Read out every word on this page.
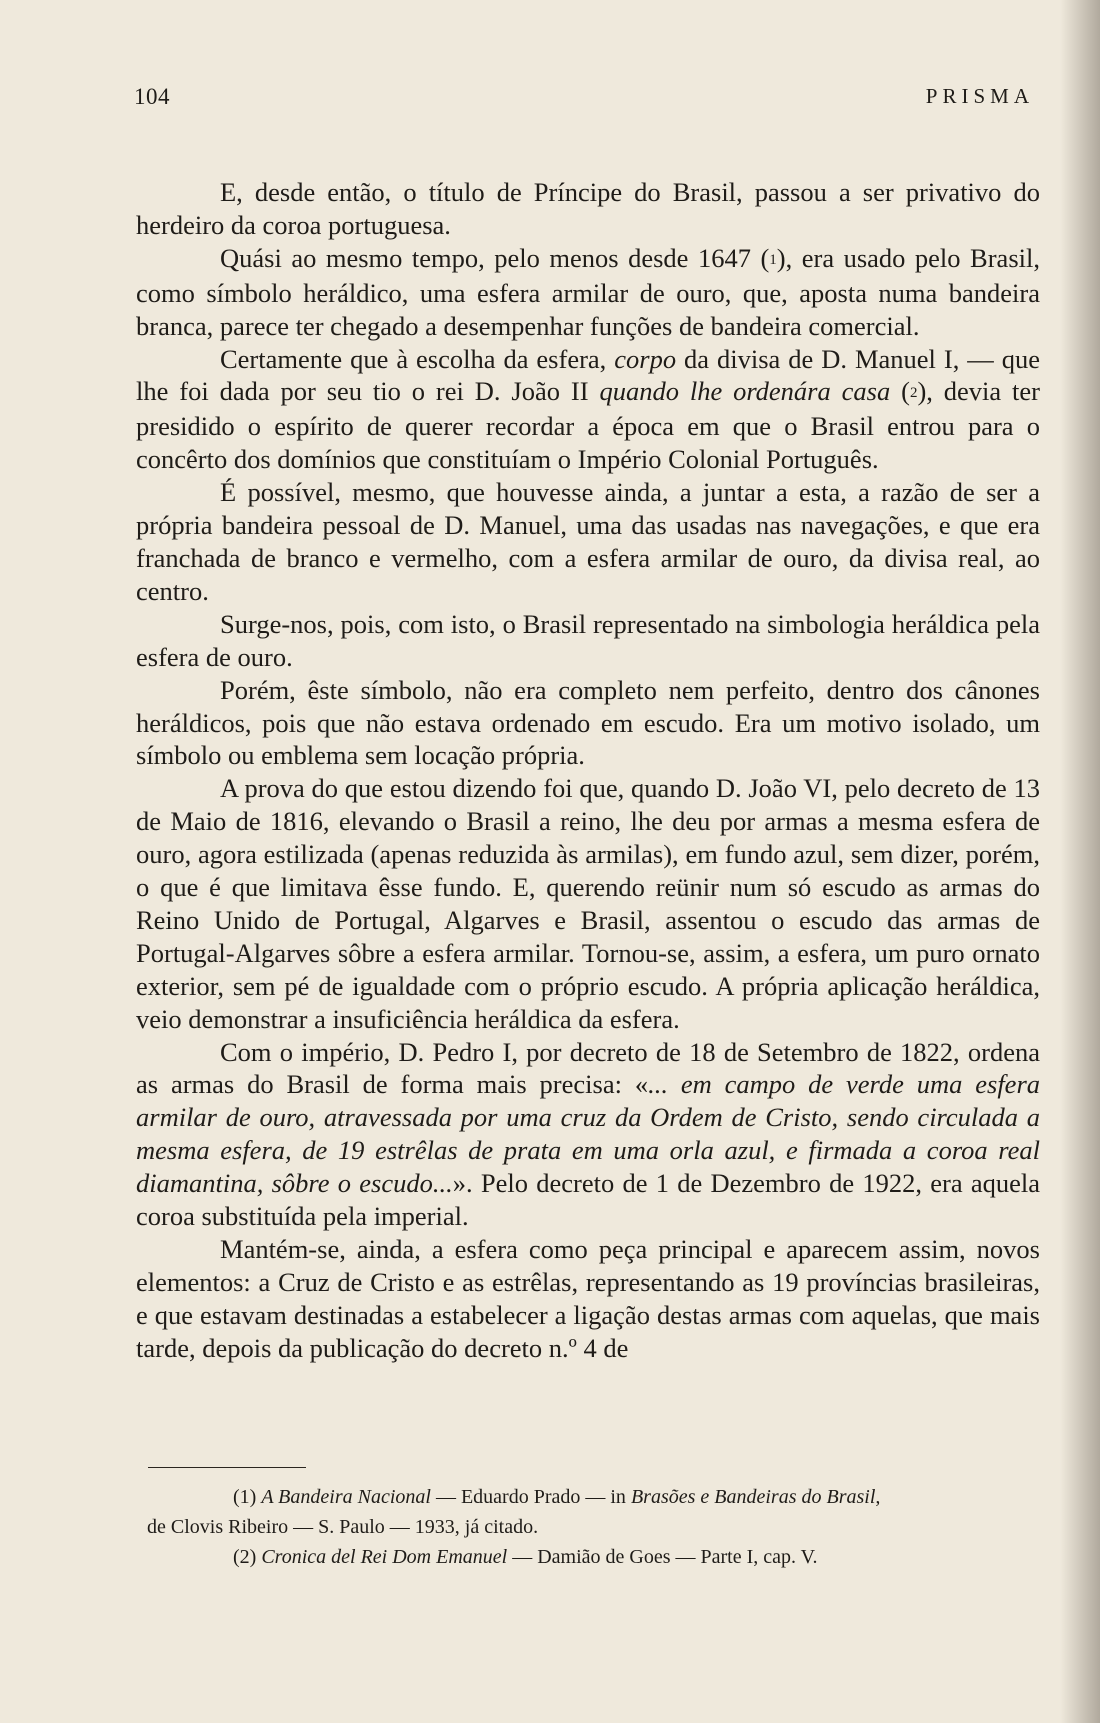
104	PRISMA

E, desde então, o título de Príncipe do Brasil, passou a ser privativo do herdeiro da coroa portuguesa.

Quási ao mesmo tempo, pelo menos desde 1647 ($^1$), era usado pelo Brasil, como símbolo heráldico, uma esfera armilar de ouro, que, aposta numa bandeira branca, parece ter chegado a desempenhar funções de bandeira comercial.

Certamente que à escolha da esfera, corpo da divisa de D. Manuel I, — que lhe foi dada por seu tio o rei D. João II quando lhe ordenára casa ($^2$), devia ter presidido o espírito de querer recordar a época em que o Brasil entrou para o concêrto dos domínios que constituíam o Império Colonial Português.

É possível, mesmo, que houvesse ainda, a juntar a esta, a razão de ser a própria bandeira pessoal de D. Manuel, uma das usadas nas navegações, e que era franchada de branco e vermelho, com a esfera armilar de ouro, da divisa real, ao centro.

Surge-nos, pois, com isto, o Brasil representado na simbologia heráldica pela esfera de ouro.

Porém, êste símbolo, não era completo nem perfeito, dentro dos cânones heráldicos, pois que não estava ordenado em escudo. Era um motivo isolado, um símbolo ou emblema sem locação própria.

A prova do que estou dizendo foi que, quando D. João VI, pelo decreto de 13 de Maio de 1816, elevando o Brasil a reino, lhe deu por armas a mesma esfera de ouro, agora estilizada (apenas reduzida às armilas), em fundo azul, sem dizer, porém, o que é que limitava êsse fundo. E, querendo reünir num só escudo as armas do Reino Unido de Portugal, Algarves e Brasil, assentou o escudo das armas de Portugal-Algarves sôbre a esfera armilar. Tornou-se, assim, a esfera, um puro ornato exterior, sem pé de igualdade com o próprio escudo. A própria aplicação heráldica, veio demonstrar a insuficiência heráldica da esfera.

Com o império, D. Pedro I, por decreto de 18 de Setembro de 1822, ordena as armas do Brasil de forma mais precisa: «... em campo de verde uma esfera armilar de ouro, atravessada por uma cruz da Ordem de Cristo, sendo circulada a mesma esfera, de 19 estrêlas de prata em uma orla azul, e firmada a coroa real diamantina, sôbre o escudo...». Pelo decreto de 1 de Dezembro de 1922, era aquela coroa substituída pela imperial.

Mantém-se, ainda, a esfera como peça principal e aparecem assim, novos elementos: a Cruz de Cristo e as estrêlas, representando as 19 províncias brasileiras, e que estavam destinadas a estabelecer a ligação destas armas com aquelas, que mais tarde, depois da publicação do decreto n.º 4 de

(1) A Bandeira Nacional — Eduardo Prado — in Brasões e Bandeiras do Brasil,

de Clovis Ribeiro — S. Paulo — 1933, já citado.

(2) Cronica del Rei Dom Emanuel — Damião de Goes — Parte I, cap. V.
